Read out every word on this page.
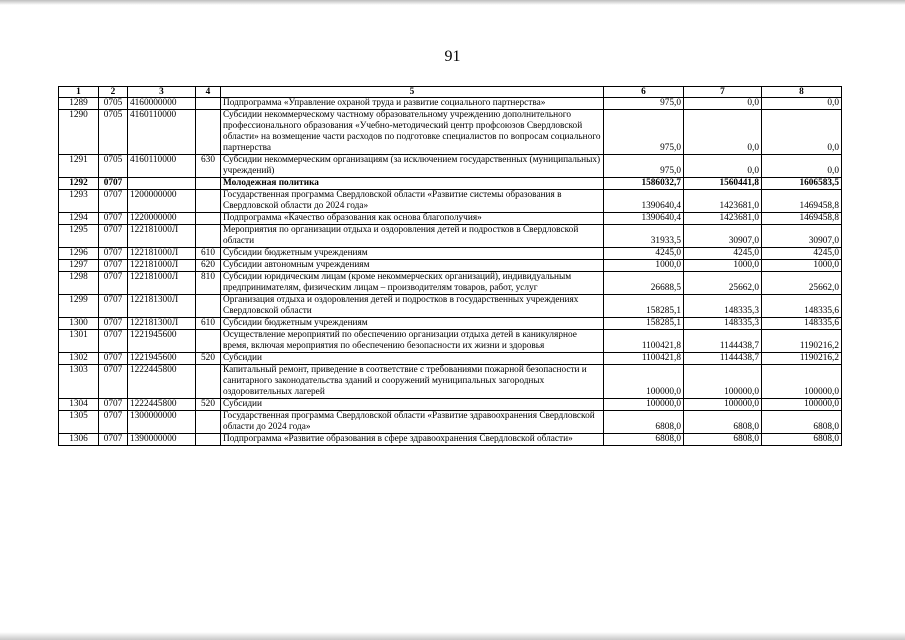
91
1	2	3	4	5	6	7	8
1289	0705	4160000000		Подпрограмма «Управление охраной труда и развитие социального партнерства»	975,0	0,0	0,0
1290	0705	4160110000		Субсидии некоммерческому частному образовательному учреждению дополнительного профессионального образования «Учебно-методический центр профсоюзов Свердловской области» на возмещение части расходов по подготовке специалистов по вопросам социального партнерства	975,0	0,0	0,0
1291	0705	4160110000	630	Субсидии некоммерческим организациям (за исключением государственных (муниципальных) учреждений)	975,0	0,0	0,0
1292	0707			Молодежная политика	1586032,7	1560441,8	1606583,5
1293	0707	1200000000		Государственная программа Свердловской области «Развитие системы образования в Свердловской области до 2024 года»	1390640,4	1423681,0	1469458,8
1294	0707	1220000000		Подпрограмма «Качество образования как основа благополучия»	1390640,4	1423681,0	1469458,8
1295	0707	122181000Л		Мероприятия по организации отдыха и оздоровления детей и подростков в Свердловской области	31933,5	30907,0	30907,0
1296	0707	122181000Л	610	Субсидии бюджетным учреждениям	4245,0	4245,0	4245,0
1297	0707	122181000Л	620	Субсидии автономным учреждениям	1000,0	1000,0	1000,0
1298	0707	122181000Л	810	Субсидии юридическим лицам (кроме некоммерческих организаций), индивидуальным предпринимателям, физическим лицам – производителям товаров, работ, услуг	26688,5	25662,0	25662,0
1299	0707	122181300Л		Организация отдыха и оздоровления детей и подростков в государственных учреждениях Свердловской области	158285,1	148335,3	148335,6
1300	0707	122181300Л	610	Субсидии бюджетным учреждениям	158285,1	148335,3	148335,6
1301	0707	1221945600		Осуществление мероприятий по обеспечению организации отдыха детей в каникулярное время, включая мероприятия по обеспечению безопасности их жизни и здоровья	1100421,8	1144438,7	1190216,2
1302	0707	1221945600	520	Субсидии	1100421,8	1144438,7	1190216,2
1303	0707	1222445800		Капитальный ремонт, приведение в соответствие с требованиями пожарной безопасности и санитарного законодательства зданий и сооружений муниципальных загородных оздоровительных лагерей	100000,0	100000,0	100000,0
1304	0707	1222445800	520	Субсидии	100000,0	100000,0	100000,0
1305	0707	1300000000		Государственная программа Свердловской области «Развитие здравоохранения Свердловской области до 2024 года»	6808,0	6808,0	6808,0
1306	0707	1390000000		Подпрограмма «Развитие образования в сфере здравоохранения Свердловской области»	6808,0	6808,0	6808,0
